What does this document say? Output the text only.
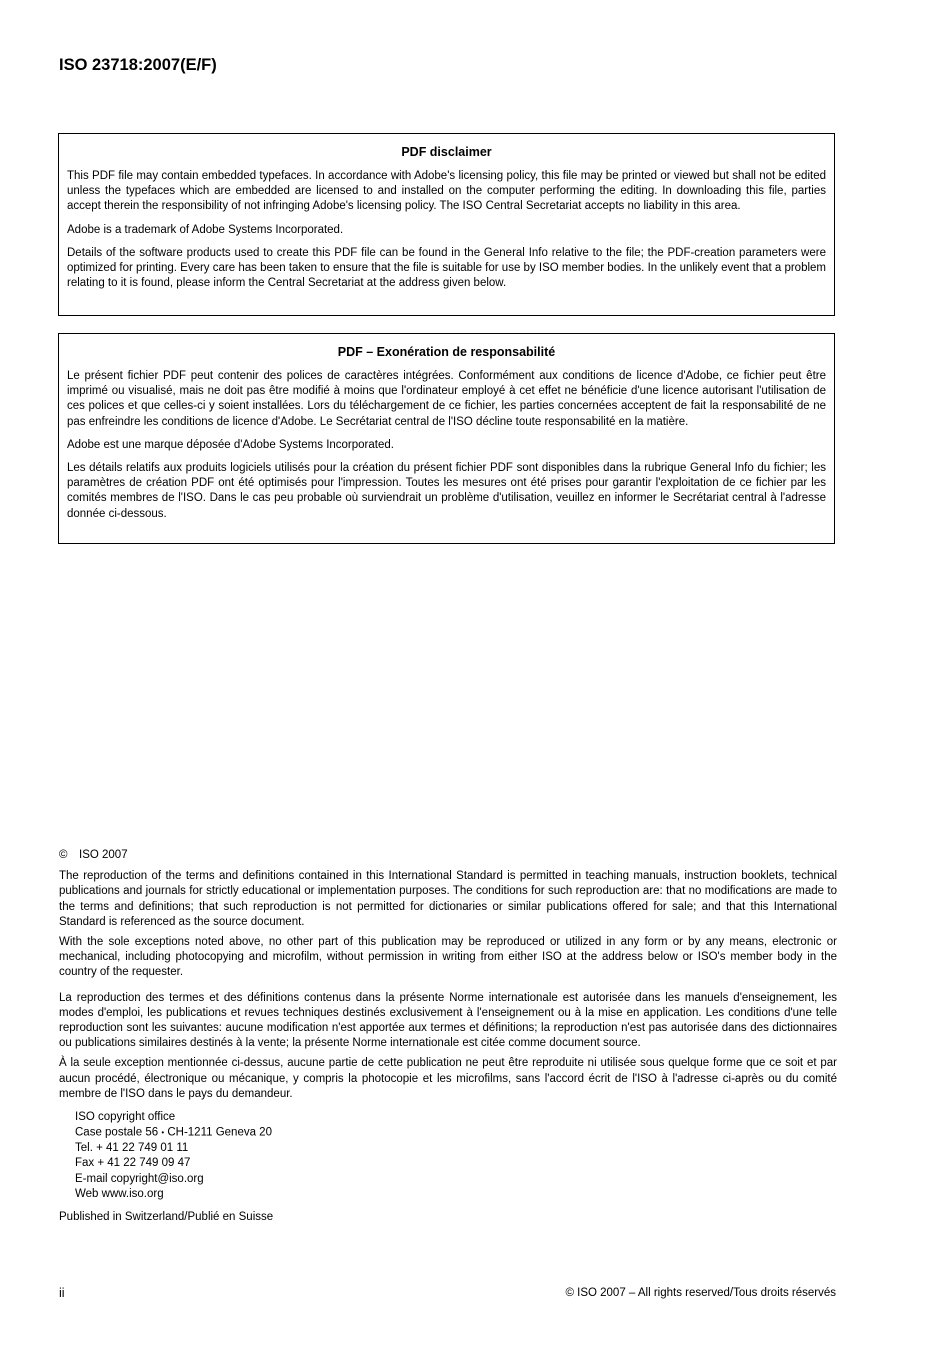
ISO 23718:2007(E/F)
PDF disclaimer

This PDF file may contain embedded typefaces. In accordance with Adobe's licensing policy, this file may be printed or viewed but shall not be edited unless the typefaces which are embedded are licensed to and installed on the computer performing the editing. In downloading this file, parties accept therein the responsibility of not infringing Adobe's licensing policy. The ISO Central Secretariat accepts no liability in this area.

Adobe is a trademark of Adobe Systems Incorporated.

Details of the software products used to create this PDF file can be found in the General Info relative to the file; the PDF-creation parameters were optimized for printing. Every care has been taken to ensure that the file is suitable for use by ISO member bodies. In the unlikely event that a problem relating to it is found, please inform the Central Secretariat at the address given below.

PDF – Exonération de responsabilité

Le présent fichier PDF peut contenir des polices de caractères intégrées. Conformément aux conditions de licence d'Adobe, ce fichier peut être imprimé ou visualisé, mais ne doit pas être modifié à moins que l'ordinateur employé à cet effet ne bénéficie d'une licence autorisant l'utilisation de ces polices et que celles-ci y soient installées. Lors du téléchargement de ce fichier, les parties concernées acceptent de fait la responsabilité de ne pas enfreindre les conditions de licence d'Adobe. Le Secrétariat central de l'ISO décline toute responsabilité en la matière.

Adobe est une marque déposée d'Adobe Systems Incorporated.

Les détails relatifs aux produits logiciels utilisés pour la création du présent fichier PDF sont disponibles dans la rubrique General Info du fichier; les paramètres de création PDF ont été optimisés pour l'impression. Toutes les mesures ont été prises pour garantir l'exploitation de ce fichier par les comités membres de l'ISO. Dans le cas peu probable où surviendrait un problème d'utilisation, veuillez en informer le Secrétariat central à l'adresse donnée ci-dessous.

© ISO 2007

The reproduction of the terms and definitions contained in this International Standard is permitted in teaching manuals, instruction booklets, technical publications and journals for strictly educational or implementation purposes. The conditions for such reproduction are: that no modifications are made to the terms and definitions; that such reproduction is not permitted for dictionaries or similar publications offered for sale; and that this International Standard is referenced as the source document.

With the sole exceptions noted above, no other part of this publication may be reproduced or utilized in any form or by any means, electronic or mechanical, including photocopying and microfilm, without permission in writing from either ISO at the address below or ISO's member body in the country of the requester.

La reproduction des termes et des définitions contenus dans la présente Norme internationale est autorisée dans les manuels d'enseignement, les modes d'emploi, les publications et revues techniques destinés exclusivement à l'enseignement ou à la mise en application. Les conditions d'une telle reproduction sont les suivantes: aucune modification n'est apportée aux termes et définitions; la reproduction n'est pas autorisée dans des dictionnaires ou publications similaires destinés à la vente; la présente Norme internationale est citée comme document source.

À la seule exception mentionnée ci-dessus, aucune partie de cette publication ne peut être reproduite ni utilisée sous quelque forme que ce soit et par aucun procédé, électronique ou mécanique, y compris la photocopie et les microfilms, sans l'accord écrit de l'ISO à l'adresse ci-après ou du comité membre de l'ISO dans le pays du demandeur.

ISO copyright office
Case postale 56 • CH-1211 Geneva 20
Tel. + 41 22 749 01 11
Fax + 41 22 749 09 47
E-mail copyright@iso.org
Web www.iso.org

Published in Switzerland/Publié en Suisse

ii	© ISO 2007 – All rights reserved/Tous droits réservés
